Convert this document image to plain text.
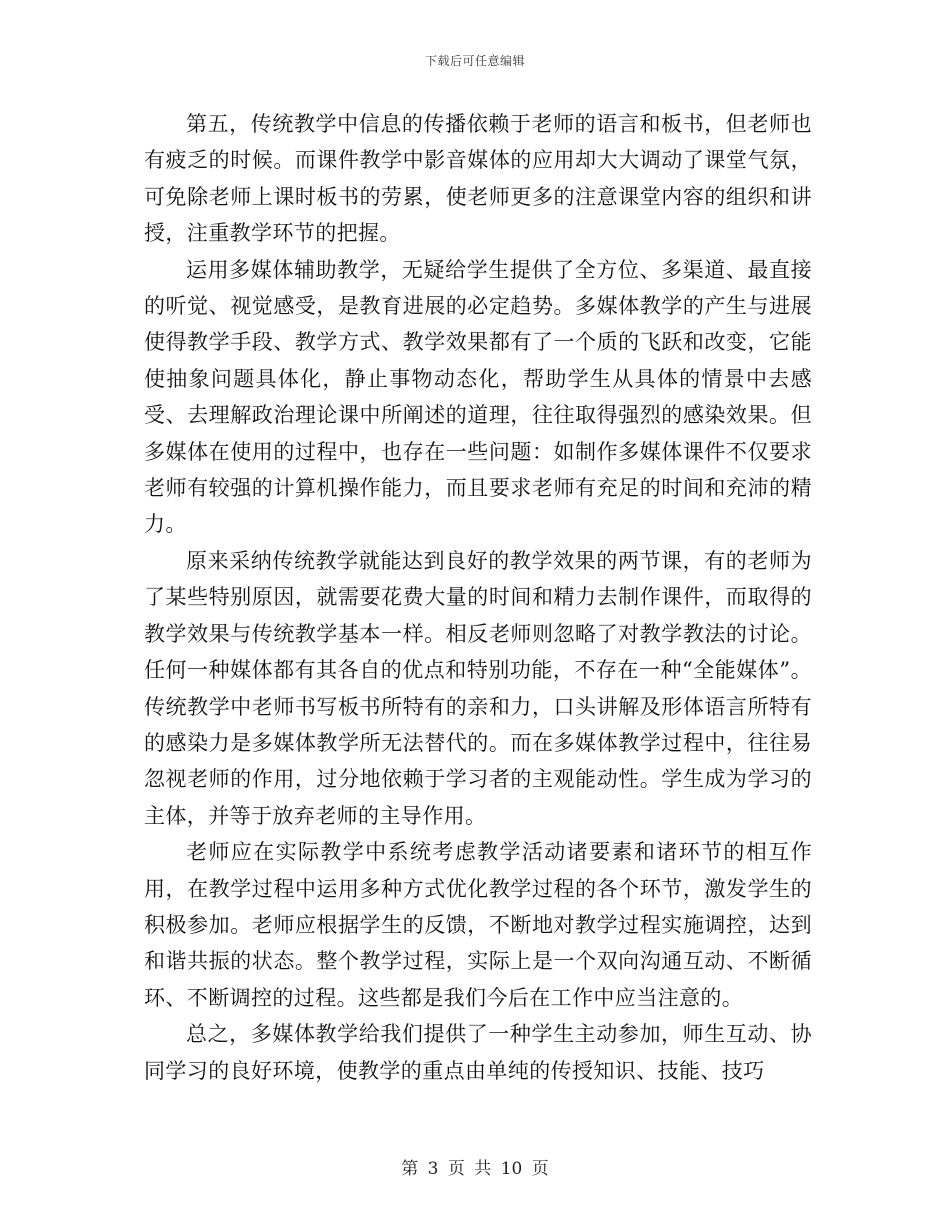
下载后可任意编辑

第五，传统教学中信息的传播依赖于老师的语言和板书，但老师也有疲乏的时候。而课件教学中影音媒体的应用却大大调动了课堂气氛，可免除老师上课时板书的劳累，使老师更多的注意课堂内容的组织和讲授，注重教学环节的把握。

运用多媒体辅助教学，无疑给学生提供了全方位、多渠道、最直接的听觉、视觉感受，是教育进展的必定趋势。多媒体教学的产生与进展使得教学手段、教学方式、教学效果都有了一个质的飞跃和改变，它能使抽象问题具体化，静止事物动态化，帮助学生从具体的情景中去感受、去理解政治理论课中所阐述的道理，往往取得强烈的感染效果。但多媒体在使用的过程中，也存在一些问题：如制作多媒体课件不仅要求老师有较强的计算机操作能力，而且要求老师有充足的时间和充沛的精力。

原来采纳传统教学就能达到良好的教学效果的两节课，有的老师为了某些特别原因，就需要花费大量的时间和精力去制作课件，而取得的教学效果与传统教学基本一样。相反老师则忽略了对教学教法的讨论。任何一种媒体都有其各自的优点和特别功能，不存在一种“全能媒体”。传统教学中老师书写板书所特有的亲和力，口头讲解及形体语言所特有的感染力是多媒体教学所无法替代的。而在多媒体教学过程中，往往易忽视老师的作用，过分地依赖于学习者的主观能动性。学生成为学习的主体，并等于放弃老师的主导作用。

老师应在实际教学中系统考虑教学活动诸要素和诸环节的相互作用，在教学过程中运用多种方式优化教学过程的各个环节，激发学生的积极参加。老师应根据学生的反馈，不断地对教学过程实施调控，达到和谐共振的状态。整个教学过程，实际上是一个双向沟通互动、不断循环、不断调控的过程。这些都是我们今后在工作中应当注意的。

总之，多媒体教学给我们提供了一种学生主动参加，师生互动、协同学习的良好环境，使教学的重点由单纯的传授知识、技能、技巧

第 3 页 共 10 页
